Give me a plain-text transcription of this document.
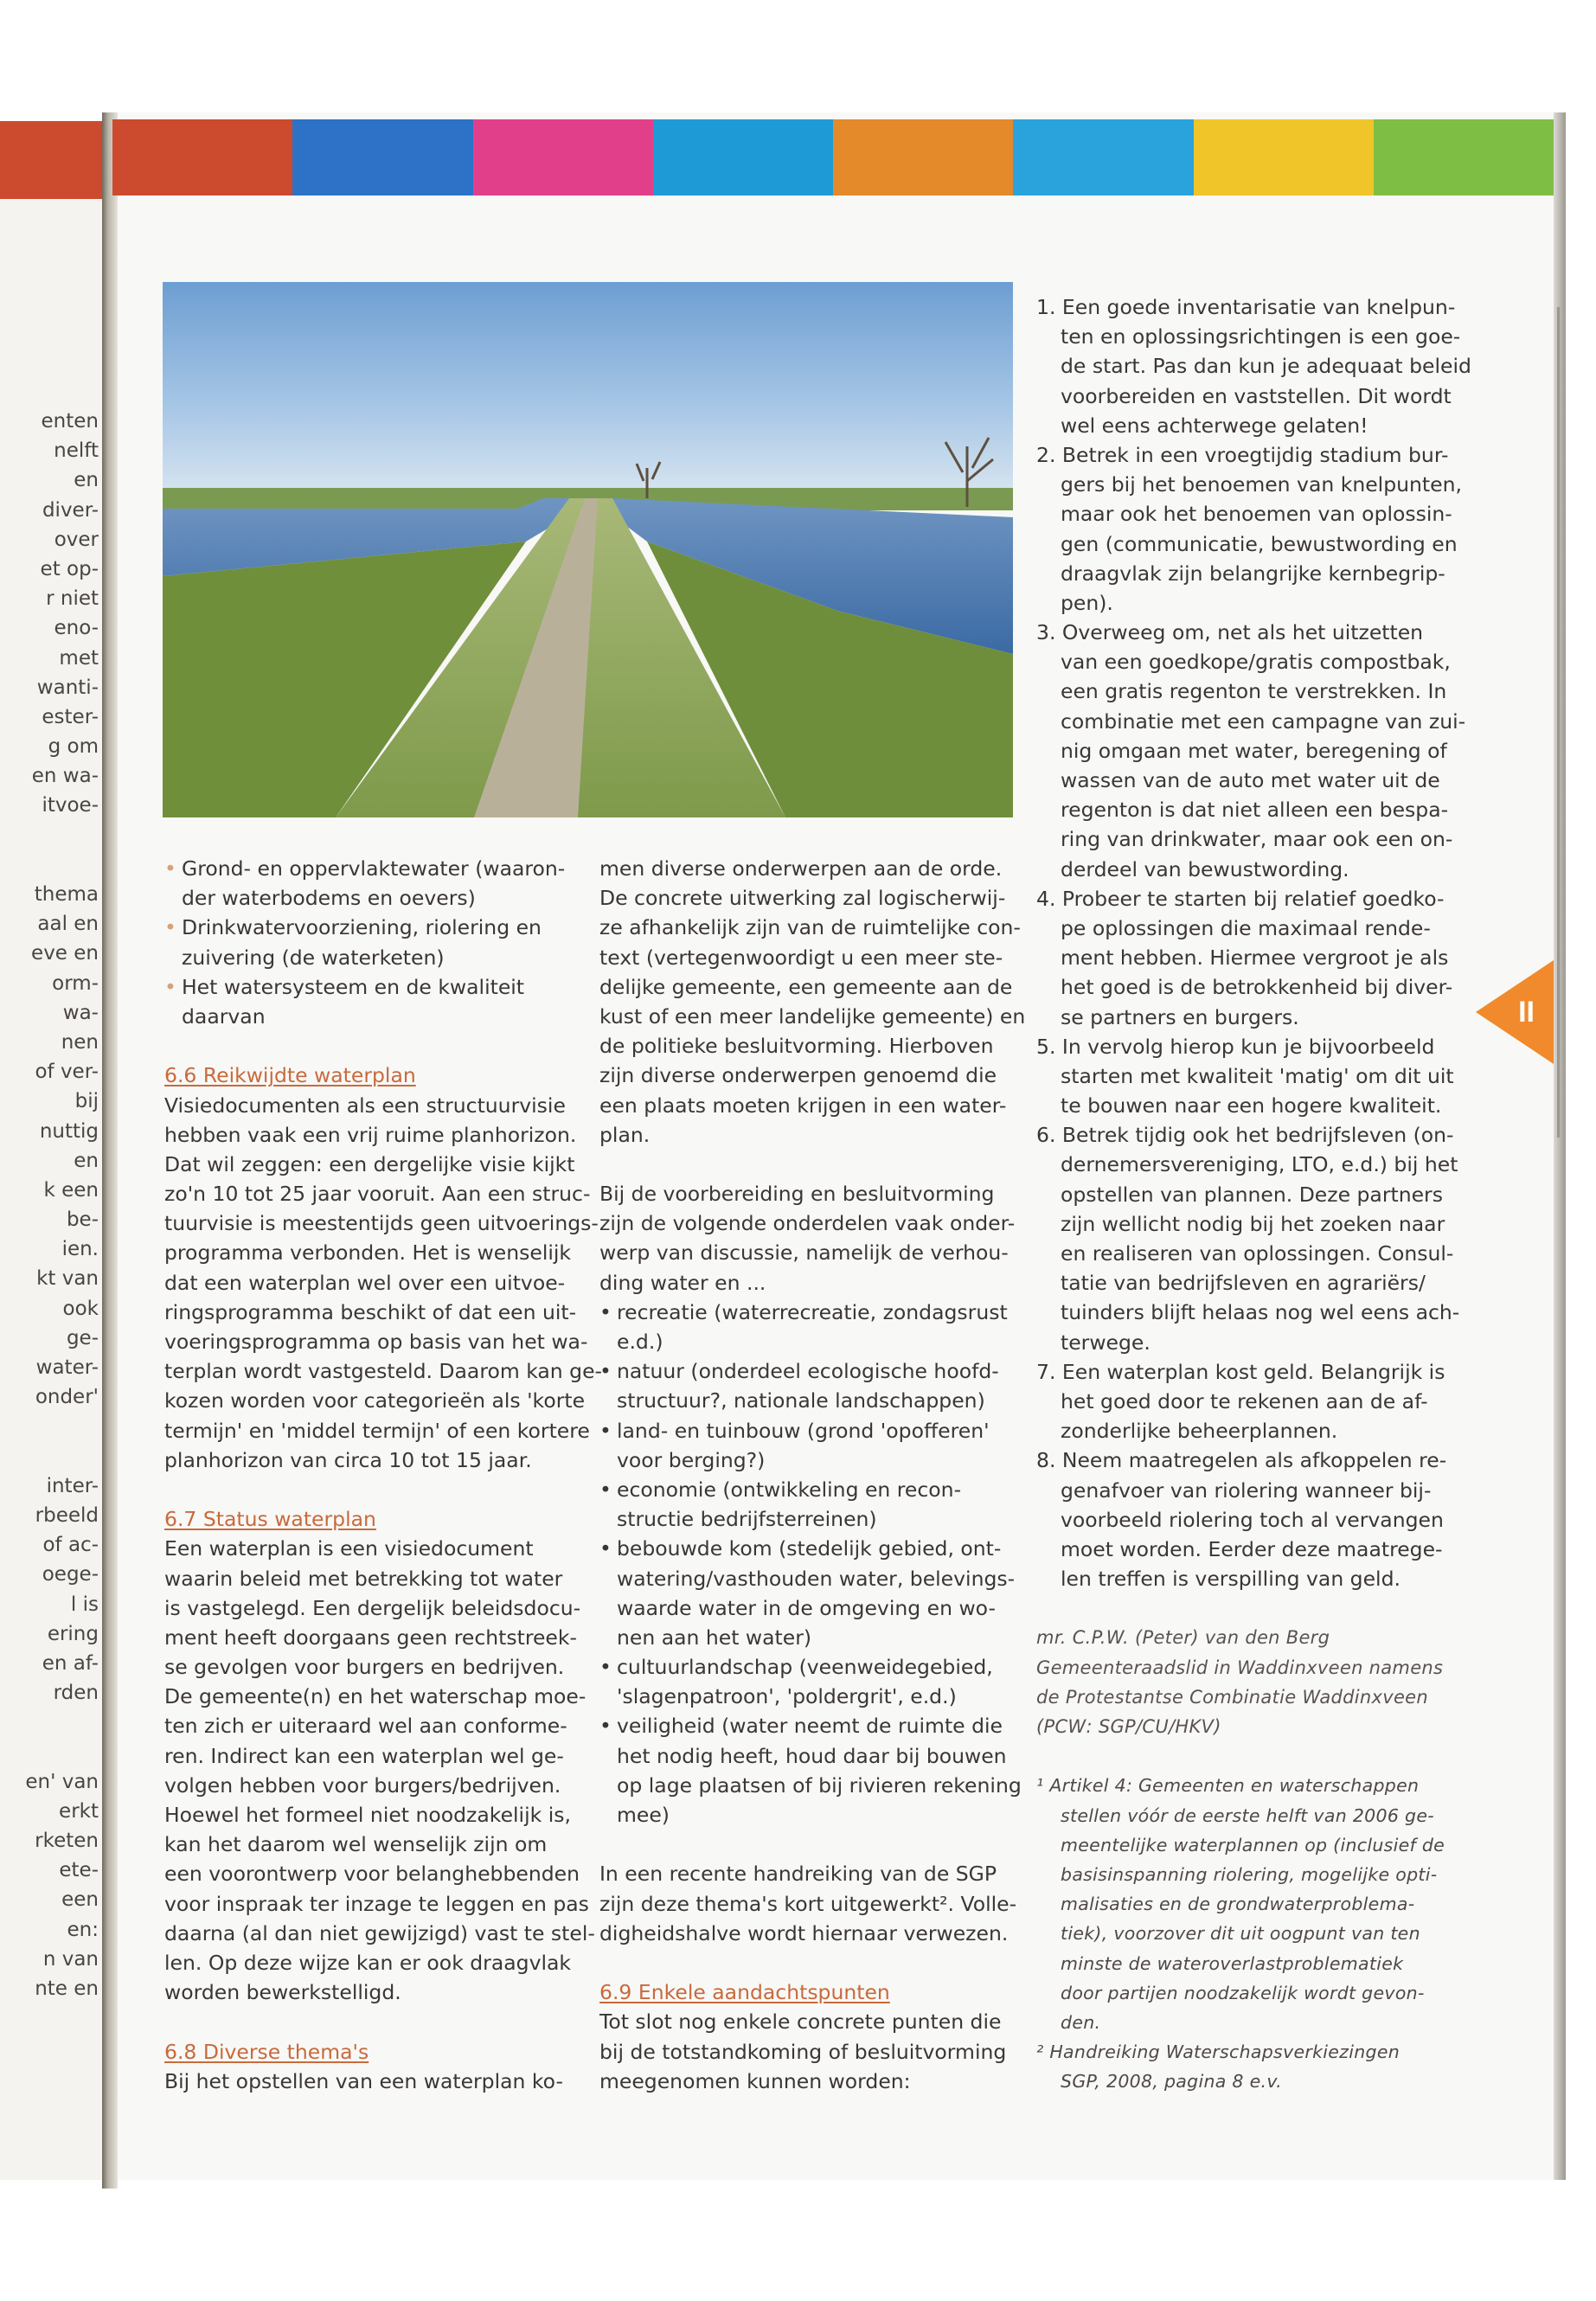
enten
nelft
en
diver-
over
et op-
r niet
eno-
met
wanti-
ester-
g om
en wa-
itvoe-
thema
aal en
eve en
orm-
wa-
nen
of ver-
bij
nuttig
en
k een
be-
ien.
kt van
ook
ge-
water-
onder'
inter-
rbeeld
of ac-
oege-
l is
ering
en af-
rden
en' van
erkt
rketen
ete-
een
en:
n van
nte en
• Grond- en oppervlaktewater (waaron-
der waterbodems en oevers)
• Drinkwatervoorziening, riolering en
zuivering (de waterketen)
• Het watersysteem en de kwaliteit
daarvan
6.6 Reikwijdte waterplan
Visiedocumenten als een structuurvisie
hebben vaak een vrij ruime planhorizon.
Dat wil zeggen: een dergelijke visie kijkt
zo'n 10 tot 25 jaar vooruit. Aan een struc-
tuurvisie is meestentijds geen uitvoerings-
programma verbonden. Het is wenselijk
dat een waterplan wel over een uitvoe-
ringsprogramma beschikt of dat een uit-
voeringsprogramma op basis van het wa-
terplan wordt vastgesteld. Daarom kan ge-
kozen worden voor categorieën als 'korte
termijn' en 'middel termijn' of een kortere
planhorizon van circa 10 tot 15 jaar.
6.7 Status waterplan
Een waterplan is een visiedocument
waarin beleid met betrekking tot water
is vastgelegd. Een dergelijk beleidsdocu-
ment heeft doorgaans geen rechtstreek-
se gevolgen voor burgers en bedrijven.
De gemeente(n) en het waterschap moe-
ten zich er uiteraard wel aan conforme-
ren. Indirect kan een waterplan wel ge-
volgen hebben voor burgers/bedrijven.
Hoewel het formeel niet noodzakelijk is,
kan het daarom wel wenselijk zijn om
een voorontwerp voor belanghebbenden
voor inspraak ter inzage te leggen en pas
daarna (al dan niet gewijzigd) vast te stel-
len. Op deze wijze kan er ook draagvlak
worden bewerkstelligd.
6.8 Diverse thema's
Bij het opstellen van een waterplan ko-
men diverse onderwerpen aan de orde.
De concrete uitwerking zal logischerwij-
ze afhankelijk zijn van de ruimtelijke con-
text (vertegenwoordigt u een meer ste-
delijke gemeente, een gemeente aan de
kust of een meer landelijke gemeente) en
de politieke besluitvorming. Hierboven
zijn diverse onderwerpen genoemd die
een plaats moeten krijgen in een water-
plan.
Bij de voorbereiding en besluitvorming
zijn de volgende onderdelen vaak onder-
werp van discussie, namelijk de verhou-
ding water en ...
• recreatie (waterrecreatie, zondagsrust
e.d.)
• natuur (onderdeel ecologische hoofd-
structuur?, nationale landschappen)
• land- en tuinbouw (grond 'opofferen'
voor berging?)
• economie (ontwikkeling en recon-
structie bedrijfsterreinen)
• bebouwde kom (stedelijk gebied, ont-
watering/vasthouden water, belevings-
waarde water in de omgeving en wo-
nen aan het water)
• cultuurlandschap (veenweidegebied,
'slagenpatroon', 'poldergrit', e.d.)
• veiligheid (water neemt de ruimte die
het nodig heeft, houd daar bij bouwen
op lage plaatsen of bij rivieren rekening
mee)
In een recente handreiking van de SGP
zijn deze thema's kort uitgewerkt². Volle-
digheidshalve wordt hiernaar verwezen.
6.9 Enkele aandachtspunten
Tot slot nog enkele concrete punten die
bij de totstandkoming of besluitvorming
meegenomen kunnen worden:
1. Een goede inventarisatie van knelpun-
ten en oplossingsrichtingen is een goe-
de start. Pas dan kun je adequaat beleid
voorbereiden en vaststellen. Dit wordt
wel eens achterwege gelaten!
2. Betrek in een vroegtijdig stadium bur-
gers bij het benoemen van knelpunten,
maar ook het benoemen van oplossin-
gen (communicatie, bewustwording en
draagvlak zijn belangrijke kernbegrip-
pen).
3. Overweeg om, net als het uitzetten
van een goedkope/gratis compostbak,
een gratis regenton te verstrekken. In
combinatie met een campagne van zui-
nig omgaan met water, beregening of
wassen van de auto met water uit de
regenton is dat niet alleen een bespa-
ring van drinkwater, maar ook een on-
derdeel van bewustwording.
4. Probeer te starten bij relatief goedko-
pe oplossingen die maximaal rende-
ment hebben. Hiermee vergroot je als
het goed is de betrokkenheid bij diver-
se partners en burgers.
5. In vervolg hierop kun je bijvoorbeeld
starten met kwaliteit 'matig' om dit uit
te bouwen naar een hogere kwaliteit.
6. Betrek tijdig ook het bedrijfsleven (on-
dernemersvereniging, LTO, e.d.) bij het
opstellen van plannen. Deze partners
zijn wellicht nodig bij het zoeken naar
en realiseren van oplossingen. Consul-
tatie van bedrijfsleven en agrariërs/
tuinders blijft helaas nog wel eens ach-
terwege.
7. Een waterplan kost geld. Belangrijk is
het goed door te rekenen aan de af-
zonderlijke beheerplannen.
8. Neem maatregelen als afkoppelen re-
genafvoer van riolering wanneer bij-
voorbeeld riolering toch al vervangen
moet worden. Eerder deze maatrege-
len treffen is verspilling van geld.
mr. C.P.W. (Peter) van den Berg
Gemeenteraadslid in Waddinxveen namens
de Protestantse Combinatie Waddinxveen
(PCW: SGP/CU/HKV)
¹ Artikel 4: Gemeenten en waterschappen
stellen vóór de eerste helft van 2006 ge-
meentelijke waterplannen op (inclusief de
basisinspanning riolering, mogelijke opti-
malisaties en de grondwaterproblema-
tiek), voorzover dit uit oogpunt van ten
minste de wateroverlastproblematiek
door partijen noodzakelijk wordt gevon-
den.
² Handreiking Waterschapsverkiezingen
SGP, 2008, pagina 8 e.v.
II
